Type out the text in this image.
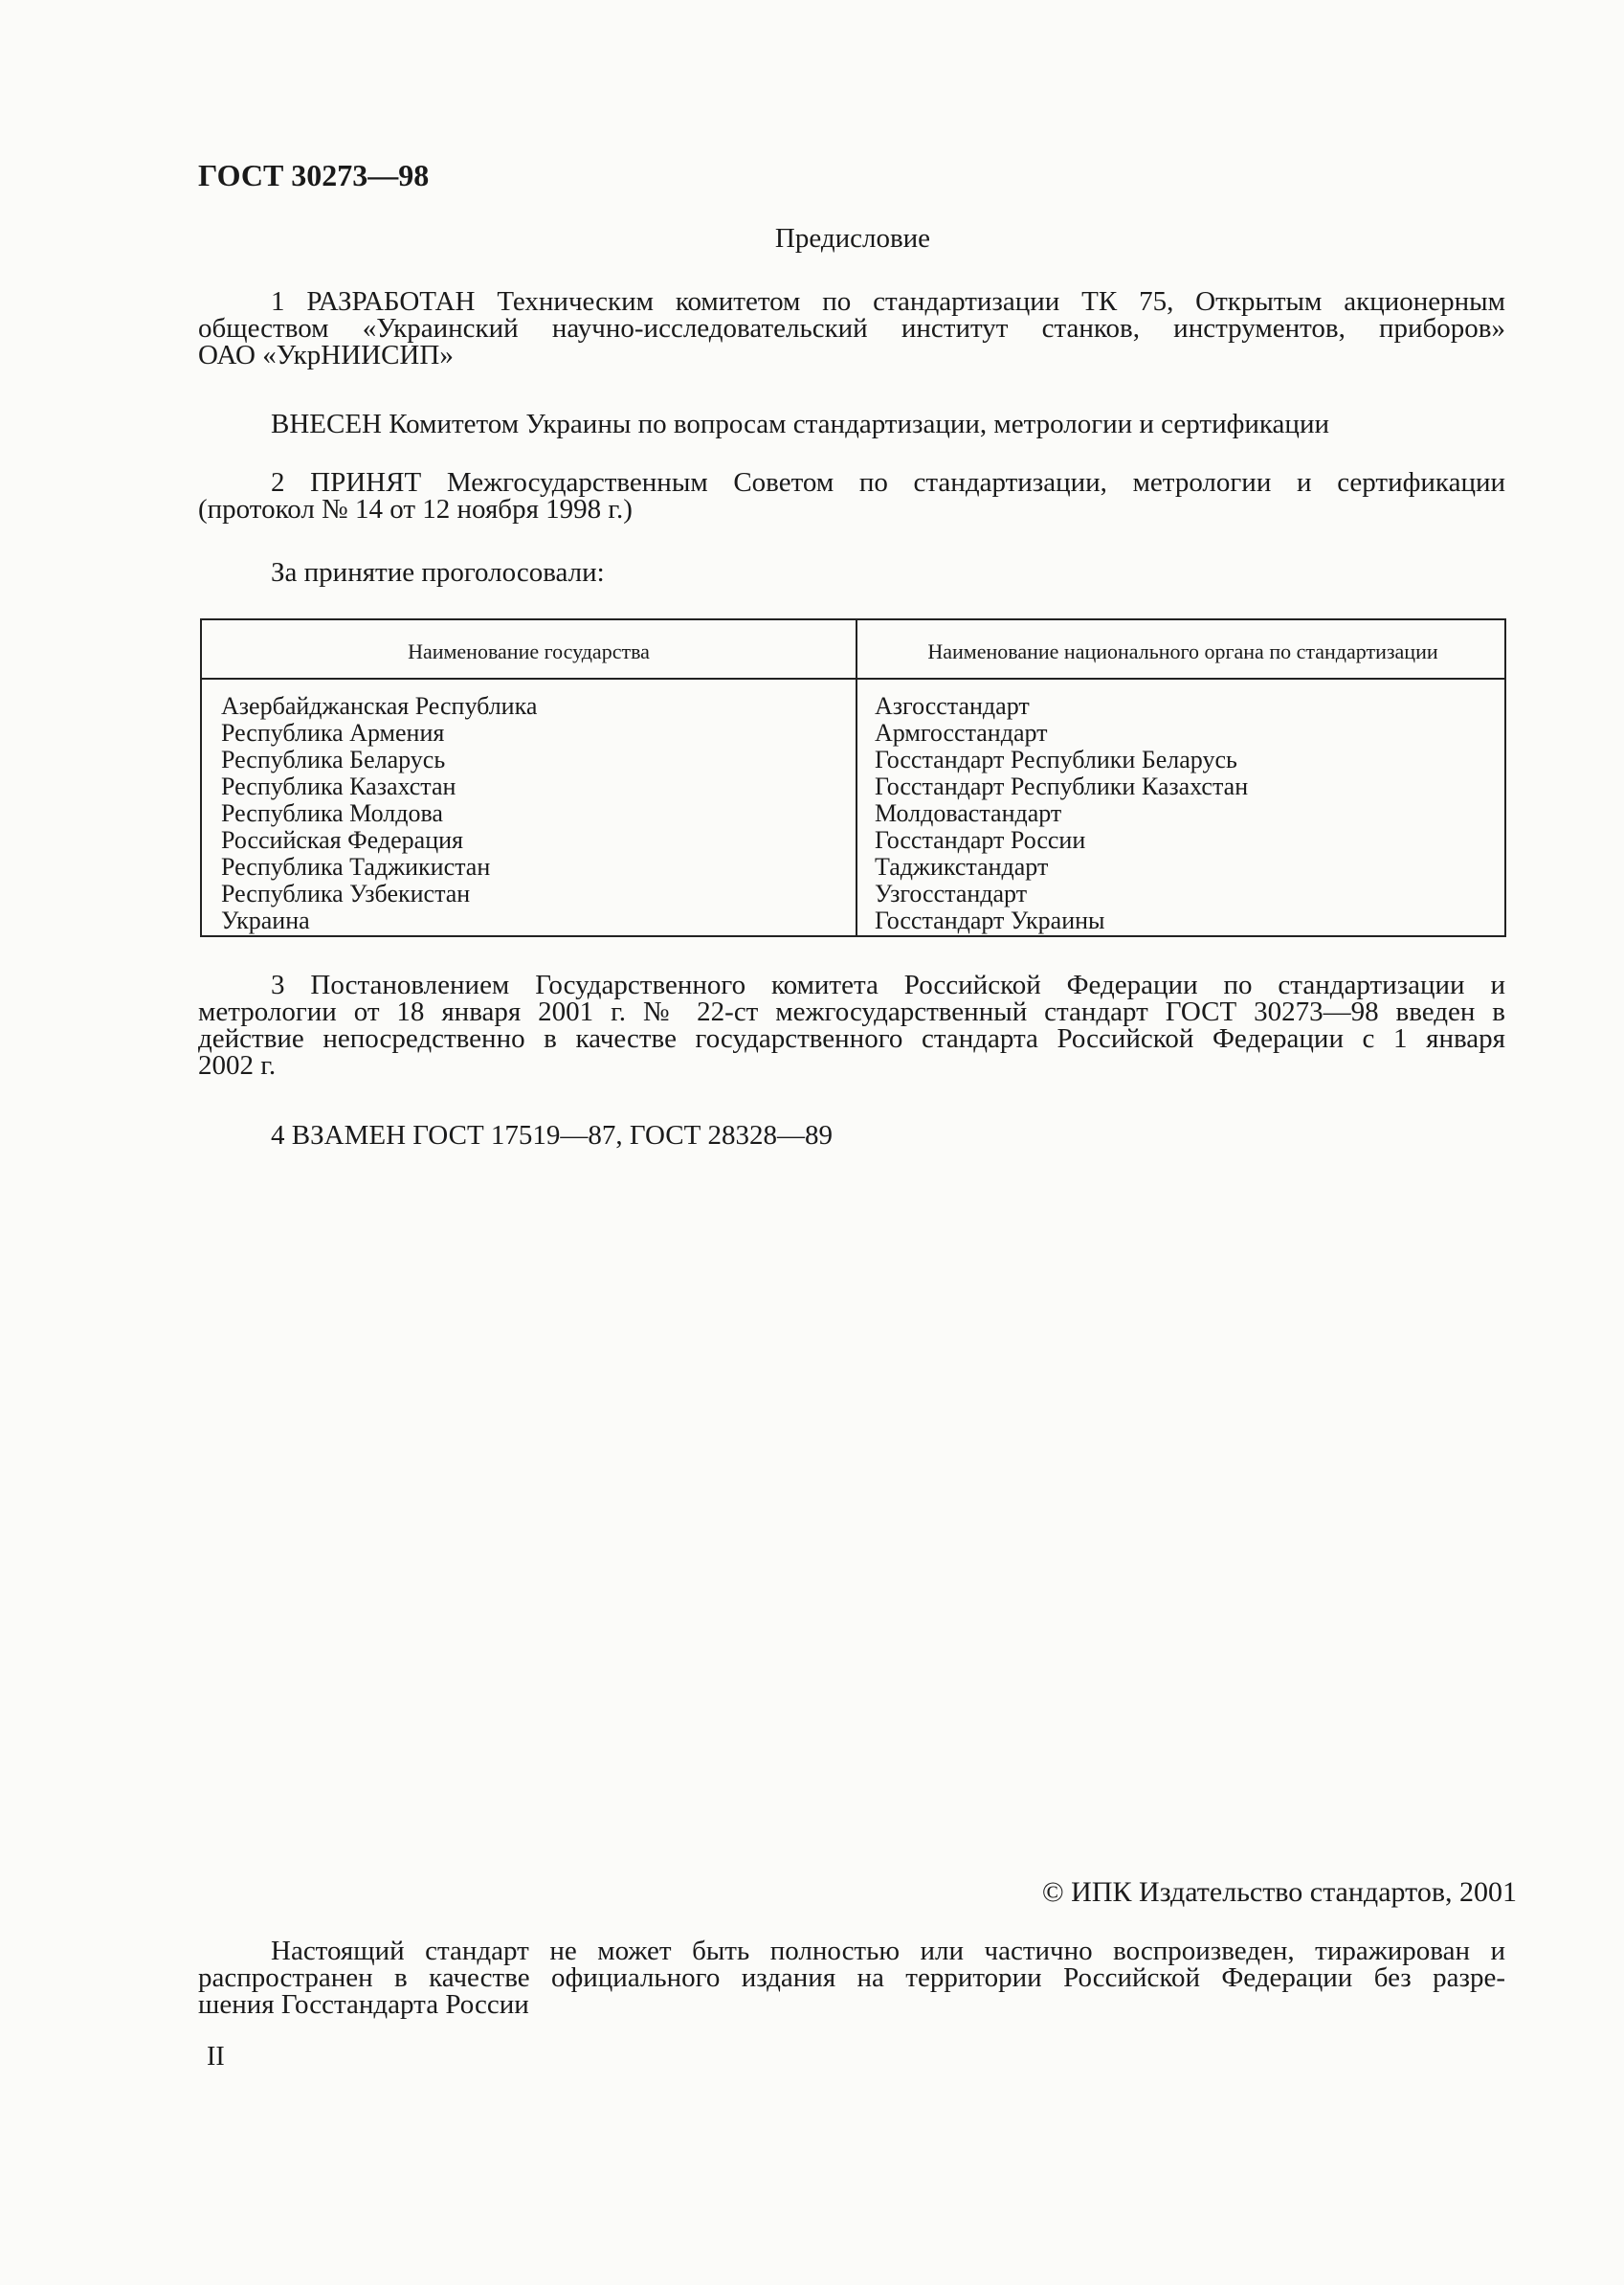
ГОСТ 30273—98
Предисловие
1 РАЗРАБОТАН Техническим комитетом по стандартизации ТК 75, Открытым акционерным
обществом «Украинский научно-исследовательский институт станков, инструментов, приборов»
ОАО «УкрНИИСИП»
ВНЕСЕН Комитетом Украины по вопросам стандартизации, метрологии и сертификации
2 ПРИНЯТ Межгосударственным Советом по стандартизации, метрологии и сертификации
(протокол № 14 от 12 ноября 1998 г.)
За принятие проголосовали:
Наименование государства	Наименование национального органа по стандартизации
Азербайджанская Республика
Республика Армения
Республика Беларусь
Республика Казахстан
Республика Молдова
Российская Федерация
Республика Таджикистан
Республика Узбекистан
Украина
Азгосстандарт
Армгосстандарт
Госстандарт Республики Беларусь
Госстандарт Республики Казахстан
Молдовастандарт
Госстандарт России
Таджикстандарт
Узгосстандарт
Госстандарт Украины
3 Постановлением Государственного комитета Российской Федерации по стандартизации и
метрологии от 18 января 2001 г. № 22-ст межгосударственный стандарт ГОСТ 30273—98 введен в
действие непосредственно в качестве государственного стандарта Российской Федерации с 1 января
2002 г.
4 ВЗАМЕН ГОСТ 17519—87, ГОСТ 28328—89
© ИПК Издательство стандартов, 2001
Настоящий стандарт не может быть полностью или частично воспроизведен, тиражирован и
распространен в качестве официального издания на территории Российской Федерации без разре-
шения Госстандарта России
II
